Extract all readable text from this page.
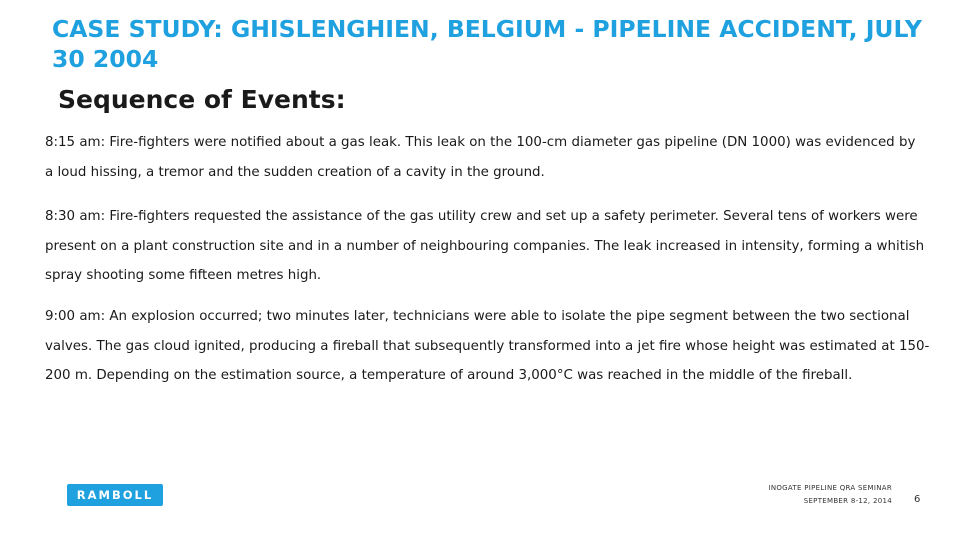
CASE STUDY: GHISLENGHIEN, BELGIUM - PIPELINE ACCIDENT, JULY 30 2004
Sequence of Events:

8:15 am: Fire-fighters were notified about a gas leak. This leak on the 100-cm diameter gas pipeline (DN 1000) was evidenced by a loud hissing, a tremor and the sudden creation of a cavity in the ground.

8:30 am: Fire-fighters requested the assistance of the gas utility crew and set up a safety perimeter. Several tens of workers were present on a plant construction site and in a number of neighbouring companies. The leak increased in intensity, forming a whitish spray shooting some fifteen metres high.

9:00 am: An explosion occurred; two minutes later, technicians were able to isolate the pipe segment between the two sectional valves. The gas cloud ignited, producing a fireball that subsequently transformed into a jet fire whose height was estimated at 150-200 m. Depending on the estimation source, a temperature of around 3,000°C was reached in the middle of the fireball.

RAMBOLL	INOGATE PIPELINE QRA SEMINAR
SEPTEMBER 8-12, 2014 6
